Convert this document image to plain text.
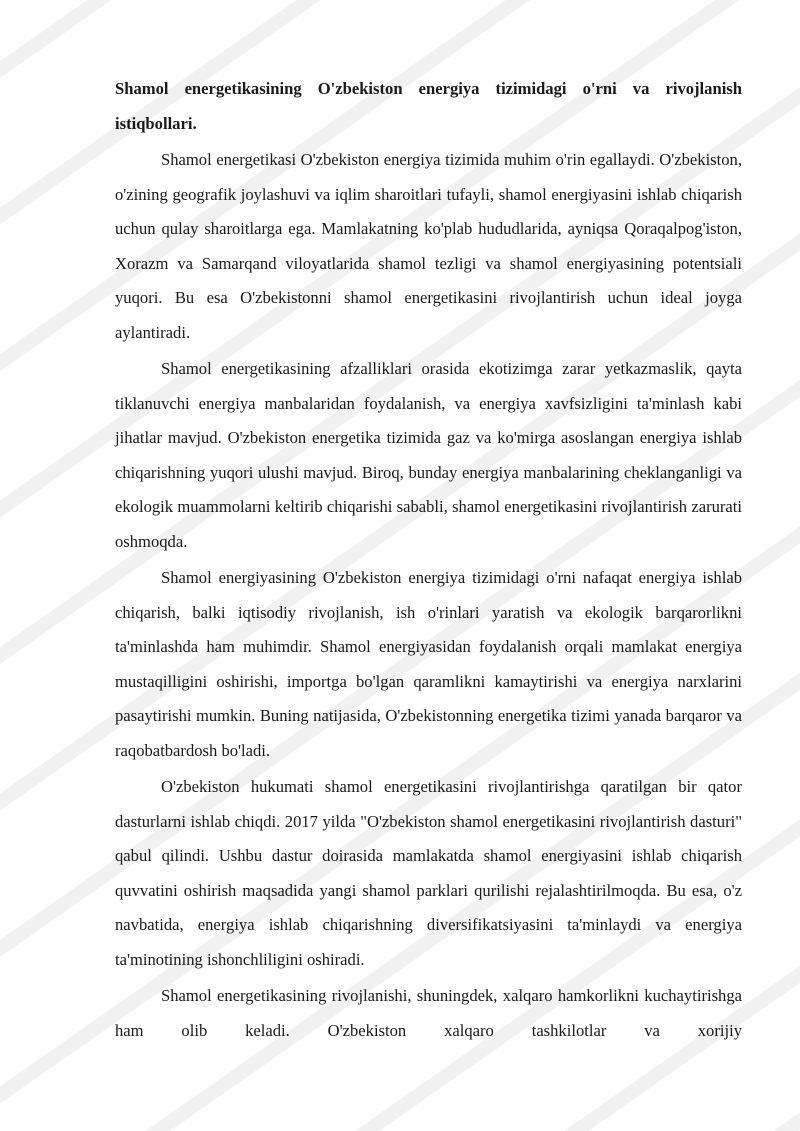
Shamol energetikasining O'zbekiston energiya tizimidagi o'rni va rivojlanish istiqbollari.

Shamol energetikasi O'zbekiston energiya tizimida muhim o'rin egallaydi. O'zbekiston, o'zining geografik joylashuvi va iqlim sharoitlari tufayli, shamol energiyasini ishlab chiqarish uchun qulay sharoitlarga ega. Mamlakatning ko'plab hududlarida, ayniqsa Qoraqalpog'iston, Xorazm va Samarqand viloyatlarida shamol tezligi va shamol energiyasining potentsiali yuqori. Bu esa O'zbekistonni shamol energetikasini rivojlantirish uchun ideal joyga aylantiradi.

Shamol energetikasining afzalliklari orasida ekotizimga zarar yetkazmaslik, qayta tiklanuvchi energiya manbalaridan foydalanish, va energiya xavfsizligini ta'minlash kabi jihatlar mavjud. O'zbekiston energetika tizimida gaz va ko'mirga asoslangan energiya ishlab chiqarishning yuqori ulushi mavjud. Biroq, bunday energiya manbalarining cheklanganligi va ekologik muammolarni keltirib chiqarishi sababli, shamol energetikasini rivojlantirish zarurati oshmoqda.

Shamol energiyasining O'zbekiston energiya tizimidagi o'rni nafaqat energiya ishlab chiqarish, balki iqtisodiy rivojlanish, ish o'rinlari yaratish va ekologik barqarorlikni ta'minlashda ham muhimdir. Shamol energiyasidan foydalanish orqali mamlakat energiya mustaqilligini oshirishi, importga bo'lgan qaramlikni kamaytirishi va energiya narxlarini pasaytirishi mumkin. Buning natijasida, O'zbekistonning energetika tizimi yanada barqaror va raqobatbardosh bo'ladi.

O'zbekiston hukumati shamol energetikasini rivojlantirishga qaratilgan bir qator dasturlarni ishlab chiqdi. 2017 yilda "O'zbekiston shamol energetikasini rivojlantirish dasturi" qabul qilindi. Ushbu dastur doirasida mamlakatda shamol energiyasini ishlab chiqarish quvvatini oshirish maqsadida yangi shamol parklari qurilishi rejalashtirilmoqda. Bu esa, o'z navbatida, energiya ishlab chiqarishning diversifikatsiyasini ta'minlaydi va energiya ta'minotining ishonchliligini oshiradi.

Shamol energetikasining rivojlanishi, shuningdek, xalqaro hamkorlikni kuchaytirishga ham olib keladi. O'zbekiston xalqaro tashkilotlar va xorijiy
